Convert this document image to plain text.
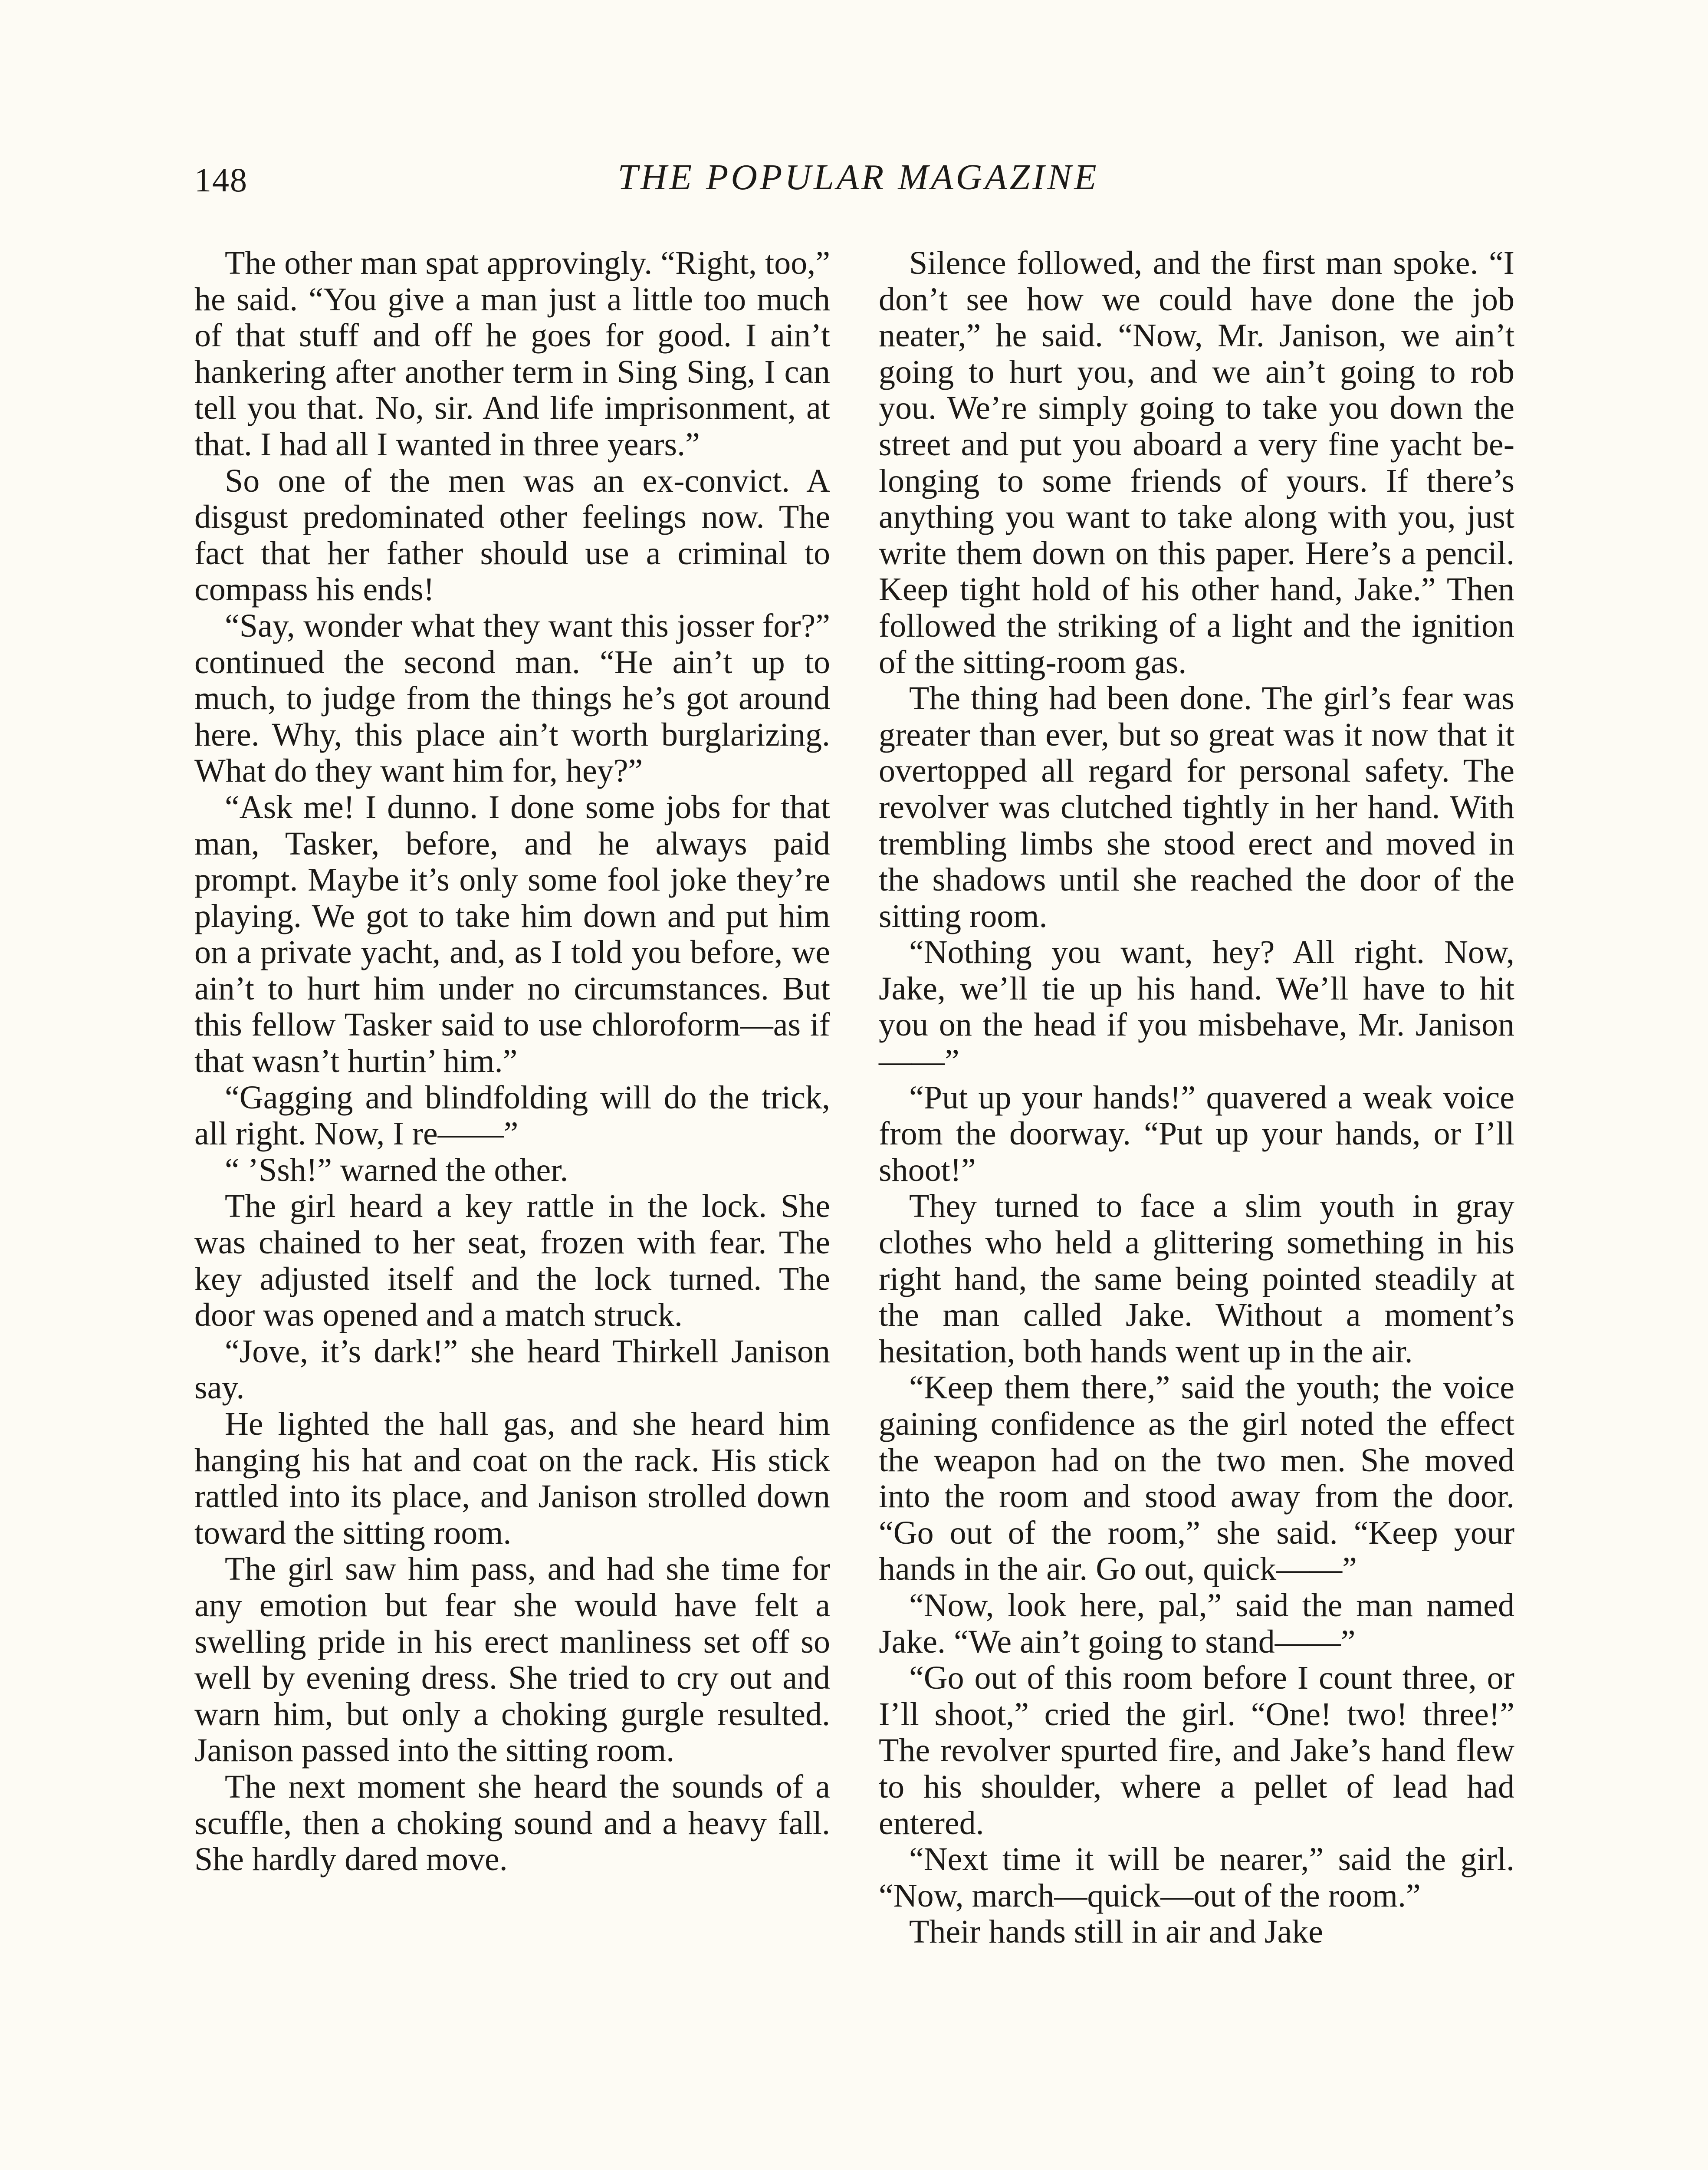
148	THE POPULAR MAGAZINE

The other man spat approvingly. “Right, too,” he said. “You give a man just a little too much of that stuff and off he goes for good. I ain’t hankering after another term in Sing Sing, I can tell you that. No, sir. And life imprisonment, at that. I had all I wanted in three years.”

So one of the men was an ex-convict. A disgust predominated other feelings now. The fact that her father should use a criminal to compass his ends!

“Say, wonder what they want this josser for?” continued the second man. “He ain’t up to much, to judge from the things he’s got around here. Why, this place ain’t worth burglarizing. What do they want him for, hey?”

“Ask me! I dunno. I done some jobs for that man, Tasker, before, and he always paid prompt. Maybe it’s only some fool joke they’re playing. We got to take him down and put him on a private yacht, and, as I told you before, we ain’t to hurt him under no circumstances. But this fellow Tasker said to use chloroform—as if that wasn’t hurtin’ him.”

“Gagging and blindfolding will do the trick, all right. Now, I re——”

“ ’Ssh!” warned the other.

The girl heard a key rattle in the lock. She was chained to her seat, frozen with fear. The key adjusted itself and the lock turned. The door was opened and a match struck.

“Jove, it’s dark!” she heard Thirkell Janison say.

He lighted the hall gas, and she heard him hanging his hat and coat on the rack. His stick rattled into its place, and Janison strolled down toward the sitting room.

The girl saw him pass, and had she time for any emotion but fear she would have felt a swelling pride in his erect manliness set off so well by evening dress. She tried to cry out and warn him, but only a choking gurgle resulted. Janison passed into the sitting room.

The next moment she heard the sounds of a scuffle, then a choking sound and a heavy fall. She hardly dared move.

Silence followed, and the first man spoke. “I don’t see how we could have done the job neater,” he said. “Now, Mr. Janison, we ain’t going to hurt you, and we ain’t going to rob you. We’re simply going to take you down the street and put you aboard a very fine yacht belonging to some friends of yours. If there’s anything you want to take along with you, just write them down on this paper. Here’s a pencil. Keep tight hold of his other hand, Jake.” Then followed the striking of a light and the ignition of the sitting-room gas.

The thing had been done. The girl’s fear was greater than ever, but so great was it now that it overtopped all regard for personal safety. The revolver was clutched tightly in her hand. With trembling limbs she stood erect and moved in the shadows until she reached the door of the sitting room.

“Nothing you want, hey? All right. Now, Jake, we’ll tie up his hand. We’ll have to hit you on the head if you misbehave, Mr. Janison——”

“Put up your hands!” quavered a weak voice from the doorway. “Put up your hands, or I’ll shoot!”

They turned to face a slim youth in gray clothes who held a glittering something in his right hand, the same being pointed steadily at the man called Jake. Without a moment’s hesitation, both hands went up in the air.

“Keep them there,” said the youth; the voice gaining confidence as the girl noted the effect the weapon had on the two men. She moved into the room and stood away from the door. “Go out of the room,” she said. “Keep your hands in the air. Go out, quick——”

“Now, look here, pal,” said the man named Jake. “We ain’t going to stand——”

“Go out of this room before I count three, or I’ll shoot,” cried the girl. “One! two! three!” The revolver spurted fire, and Jake’s hand flew to his shoulder, where a pellet of lead had entered.

“Next time it will be nearer,” said the girl. “Now, march—quick—out of the room.”

Their hands still in air and Jake
